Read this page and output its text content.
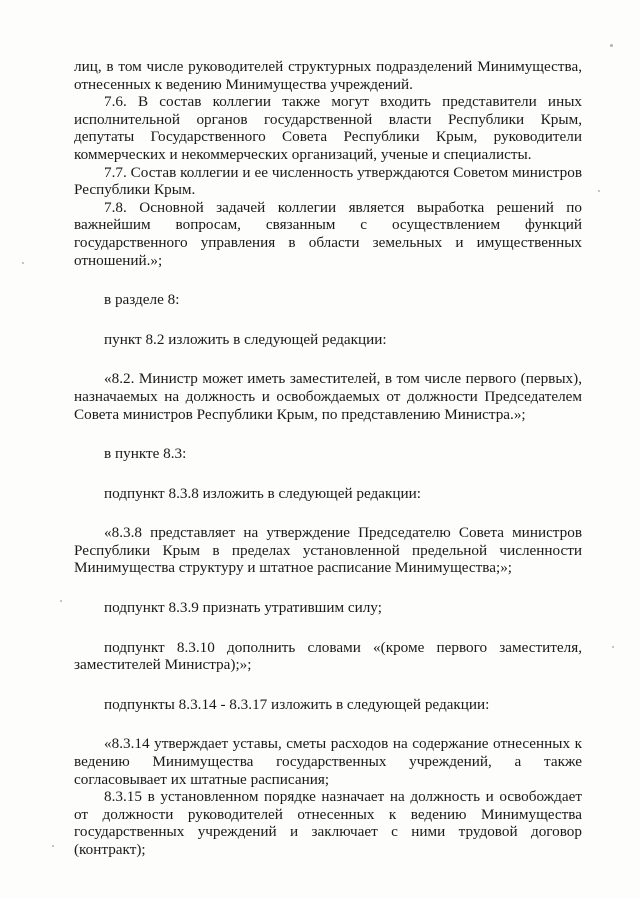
лиц, в том числе руководителей структурных подразделений Минимущества, отнесенных к ведению Минимущества учреждений.

7.6. В состав коллегии также могут входить представители иных исполнительной органов государственной власти Республики Крым, депутаты Государственного Совета Республики Крым, руководители коммерческих и некоммерческих организаций, ученые и специалисты.

7.7. Состав коллегии и ее численность утверждаются Советом министров Республики Крым.

7.8. Основной задачей коллегии является выработка решений по важнейшим вопросам, связанным с осуществлением функций государственного управления в области земельных и имущественных отношений.»;

в разделе 8:

пункт 8.2 изложить в следующей редакции:

«8.2. Министр может иметь заместителей, в том числе первого (первых), назначаемых на должность и освобождаемых от должности Председателем Совета министров Республики Крым, по представлению Министра.»;

в пункте 8.3:

подпункт 8.3.8 изложить в следующей редакции:

«8.3.8 представляет на утверждение Председателю Совета министров Республики Крым в пределах установленной предельной численности Минимущества структуру и штатное расписание Минимущества;»;

подпункт 8.3.9 признать утратившим силу;

подпункт 8.3.10 дополнить словами «(кроме первого заместителя, заместителей Министра);»;

подпункты 8.3.14 - 8.3.17 изложить в следующей редакции:

«8.3.14 утверждает уставы, сметы расходов на содержание отнесенных к ведению Минимущества государственных учреждений, а также согласовывает их штатные расписания;

8.3.15 в установленном порядке назначает на должность и освобождает от должности руководителей отнесенных к ведению Минимущества государственных учреждений и заключает с ними трудовой договор (контракт);
